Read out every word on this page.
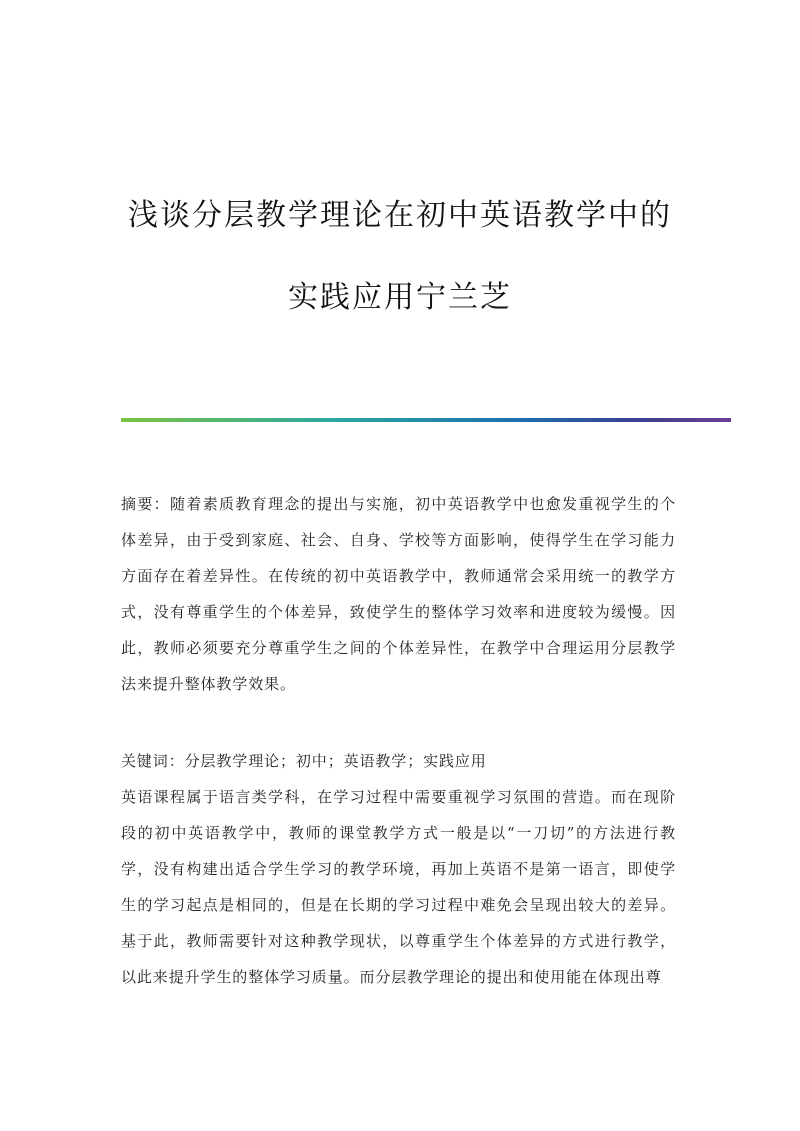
浅谈分层教学理论在初中英语教学中的
实践应用宁兰芝
摘要：随着素质教育理念的提出与实施，初中英语教学中也愈发重视学生的个体差异，由于受到家庭、社会、自身、学校等方面影响，使得学生在学习能力方面存在着差异性。在传统的初中英语教学中，教师通常会采用统一的教学方式，没有尊重学生的个体差异，致使学生的整体学习效率和进度较为缓慢。因此，教师必须要充分尊重学生之间的个体差异性，在教学中合理运用分层教学法来提升整体教学效果。
关键词：分层教学理论；初中；英语教学；实践应用
英语课程属于语言类学科，在学习过程中需要重视学习氛围的营造。而在现阶段的初中英语教学中，教师的课堂教学方式一般是以“一刀切”的方法进行教学，没有构建出适合学生学习的教学环境，再加上英语不是第一语言，即使学生的学习起点是相同的，但是在长期的学习过程中难免会呈现出较大的差异。基于此，教师需要针对这种教学现状，以尊重学生个体差异的方式进行教学，以此来提升学生的整体学习质量。而分层教学理论的提出和使用能在体现出尊
